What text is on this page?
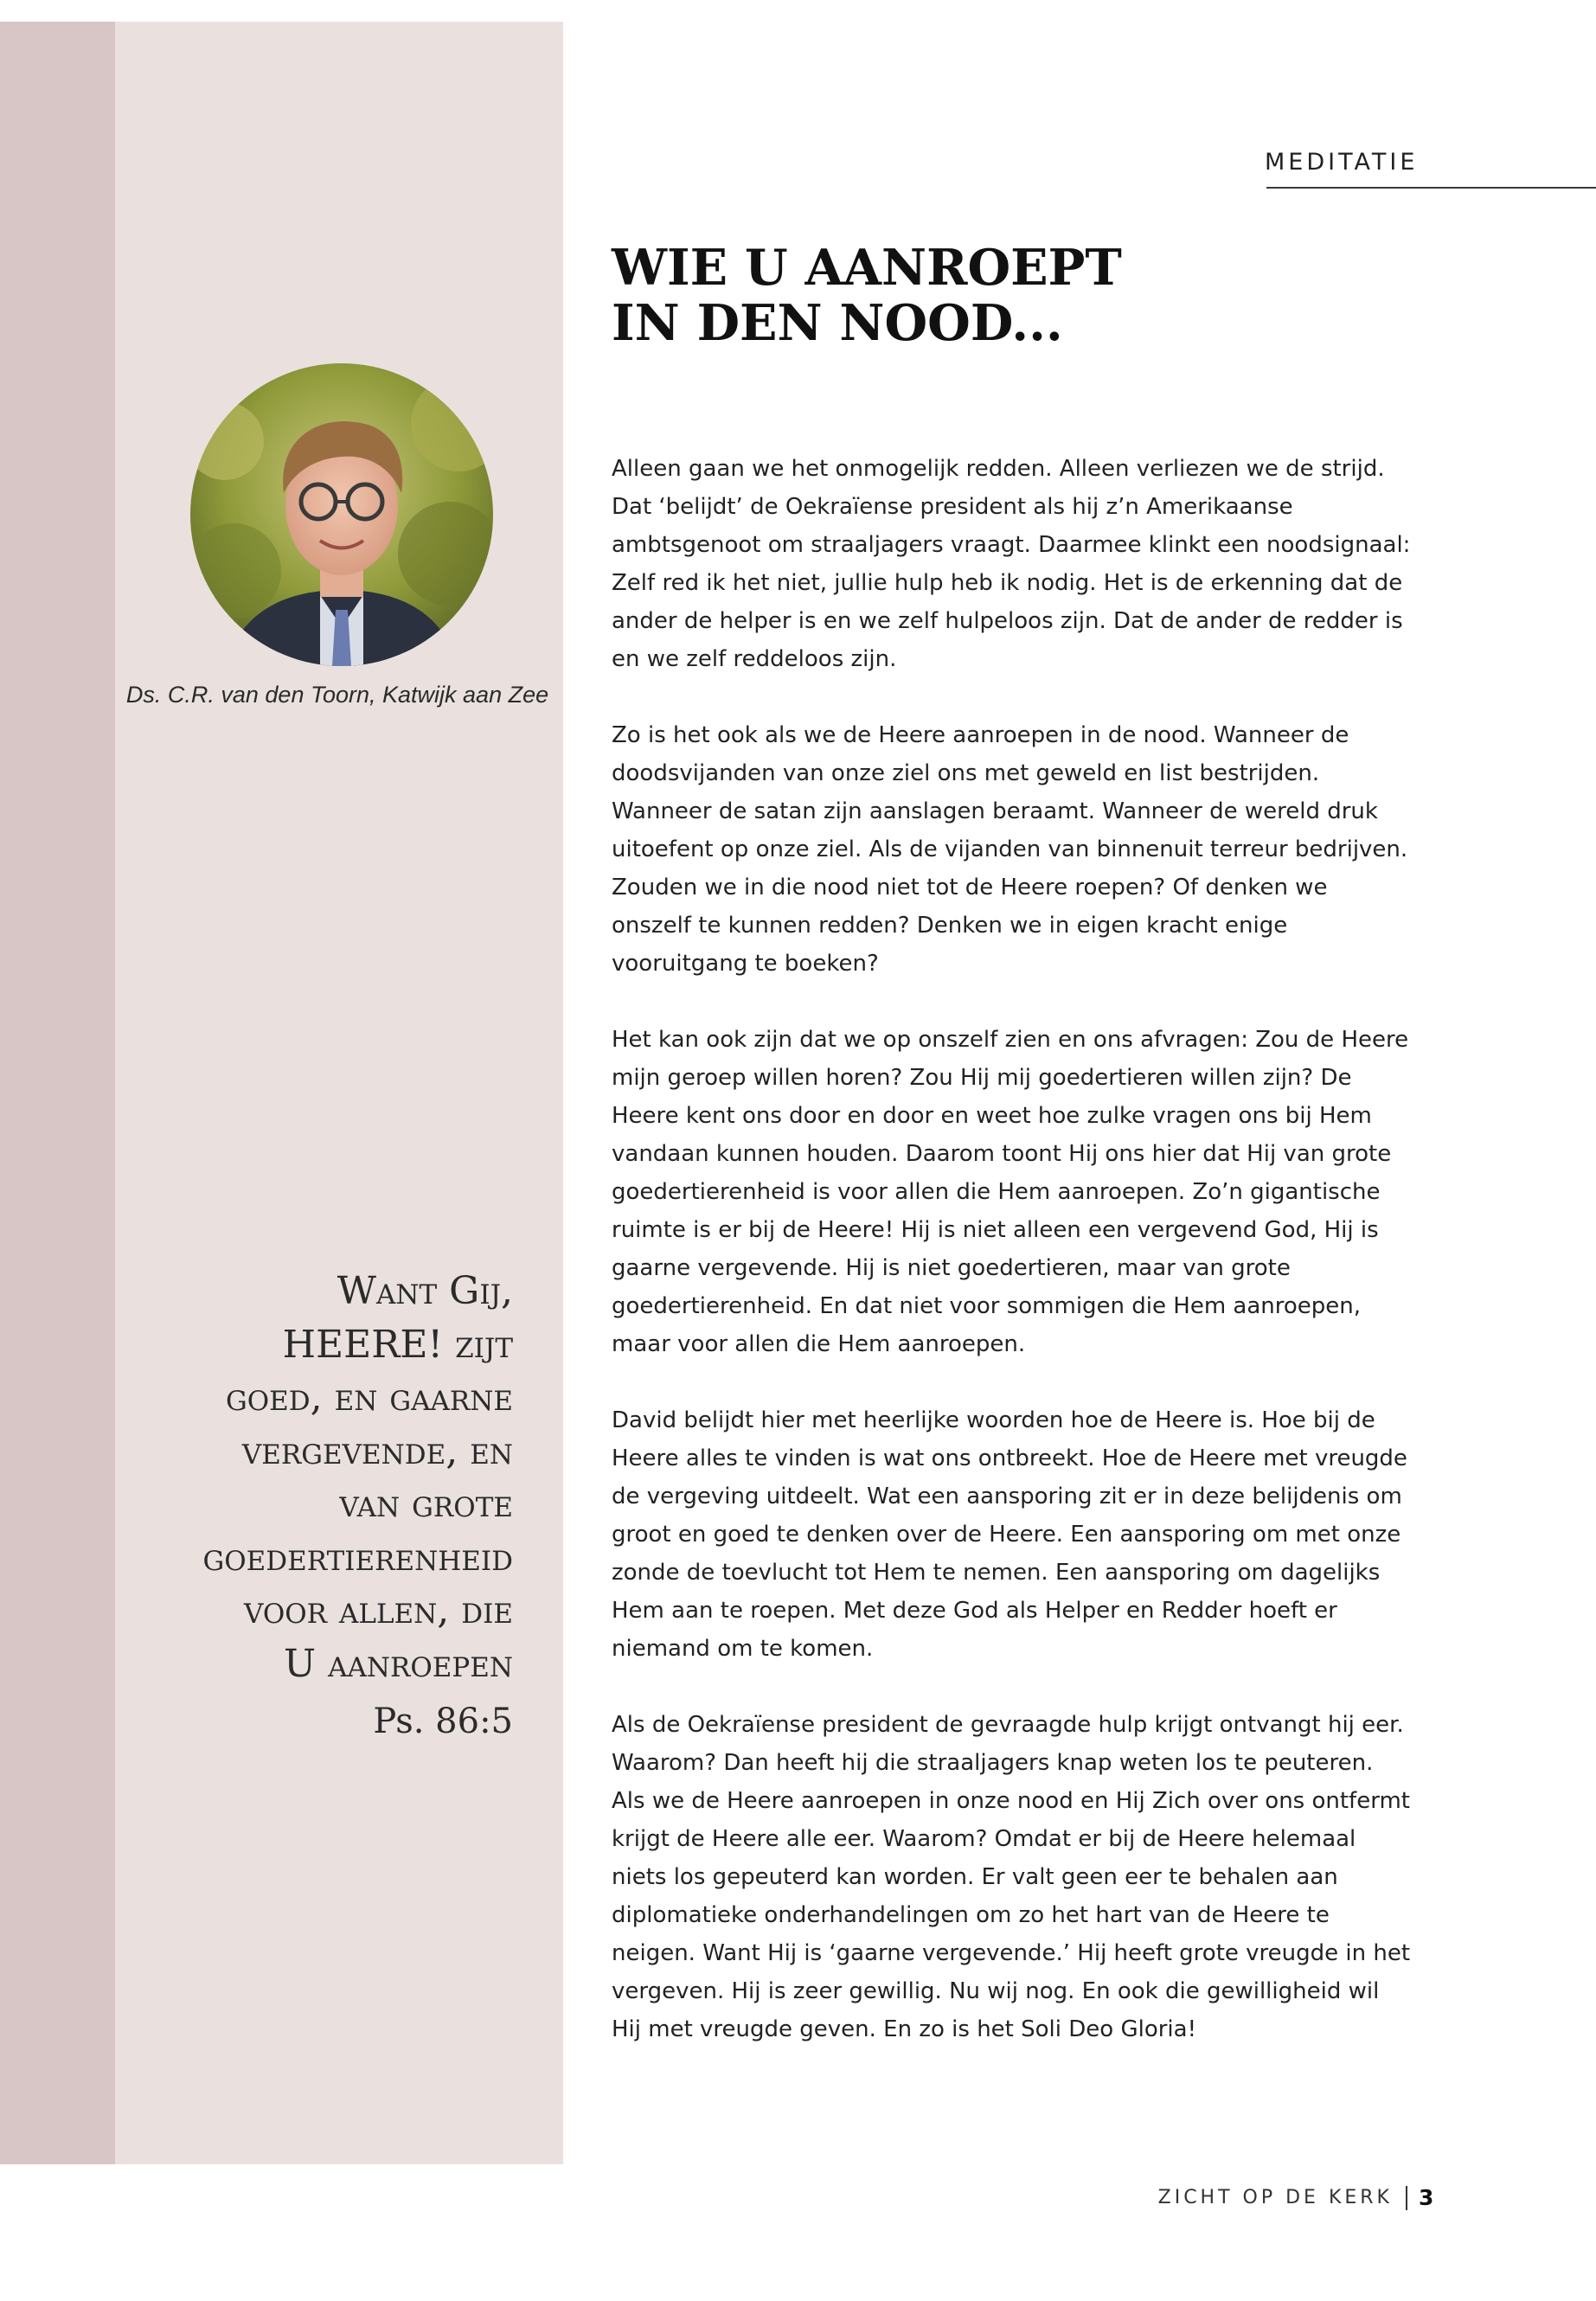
MEDITATIE
WIE U AANROEPT
IN DEN NOOD...
Ds. C.R. van den Toorn, Katwijk aan Zee
Want Gij,
HEERE! zijt
goed, en gaarne
vergevende, en
van grote
goedertierenheid
voor allen, die
U aanroepen
Ps. 86:5

Alleen gaan we het onmogelijk redden. Alleen verliezen we de strijd. Dat ‘belijdt’ de Oekraïense president als hij z’n Amerikaanse ambtsgenoot om straaljagers vraagt. Daarmee klinkt een noodsignaal: Zelf red ik het niet, jullie hulp heb ik nodig. Het is de erkenning dat de ander de helper is en we zelf hulpeloos zijn. Dat de ander de redder is en we zelf reddeloos zijn.

Zo is het ook als we de Heere aanroepen in de nood. Wanneer de doodsvijanden van onze ziel ons met geweld en list bestrijden. Wanneer de satan zijn aanslagen beraamt. Wanneer de wereld druk uitoefent op onze ziel. Als de vijanden van binnenuit terreur bedrijven. Zouden we in die nood niet tot de Heere roepen? Of denken we onszelf te kunnen redden? Denken we in eigen kracht enige vooruitgang te boeken?

Het kan ook zijn dat we op onszelf zien en ons afvragen: Zou de Heere mijn geroep willen horen? Zou Hij mij goedertieren willen zijn? De Heere kent ons door en door en weet hoe zulke vragen ons bij Hem vandaan kunnen houden. Daarom toont Hij ons hier dat Hij van grote goedertierenheid is voor allen die Hem aanroepen. Zo’n gigantische ruimte is er bij de Heere! Hij is niet alleen een vergevend God, Hij is gaarne vergevende. Hij is niet goedertieren, maar van grote goedertierenheid. En dat niet voor sommigen die Hem aanroepen, maar voor allen die Hem aanroepen.

David belijdt hier met heerlijke woorden hoe de Heere is. Hoe bij de Heere alles te vinden is wat ons ontbreekt. Hoe de Heere met vreugde de vergeving uitdeelt. Wat een aansporing zit er in deze belijdenis om groot en goed te denken over de Heere. Een aansporing om met onze zonde de toevlucht tot Hem te nemen. Een aansporing om dagelijks Hem aan te roepen. Met deze God als Helper en Redder hoeft er niemand om te komen.

Als de Oekraïense president de gevraagde hulp krijgt ontvangt hij eer. Waarom? Dan heeft hij die straaljagers knap weten los te peuteren. Als we de Heere aanroepen in onze nood en Hij Zich over ons ontfermt krijgt de Heere alle eer. Waarom? Omdat er bij de Heere helemaal niets los gepeuterd kan worden. Er valt geen eer te behalen aan diplomatieke onderhandelingen om zo het hart van de Heere te neigen. Want Hij is ‘gaarne vergevende.’ Hij heeft grote vreugde in het vergeven. Hij is zeer gewillig. Nu wij nog. En ook die gewilligheid wil Hij met vreugde geven. En zo is het Soli Deo Gloria!

ZICHT OP DE KERK 3
